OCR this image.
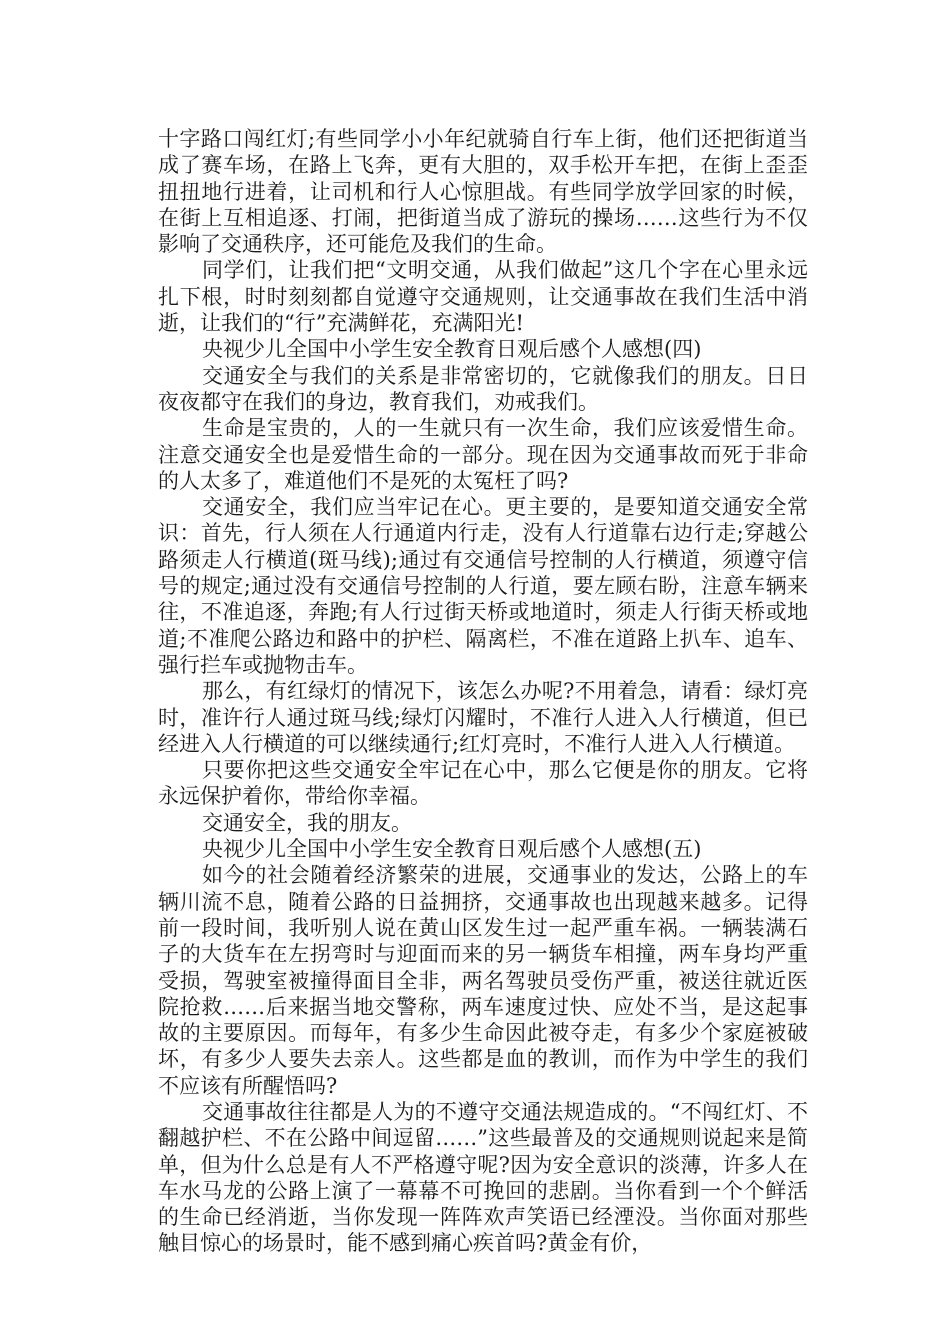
十字路口闯红灯;有些同学小小年纪就骑自行车上街，他们还把街道当成了赛车场，在路上飞奔，更有大胆的，双手松开车把，在街上歪歪扭扭地行进着，让司机和行人心惊胆战。有些同学放学回家的时候，在街上互相追逐、打闹，把街道当成了游玩的操场……这些行为不仅影响了交通秩序，还可能危及我们的生命。

同学们，让我们把“文明交通，从我们做起”这几个字在心里永远扎下根，时时刻刻都自觉遵守交通规则，让交通事故在我们生活中消逝，让我们的“行”充满鲜花，充满阳光!

央视少儿全国中小学生安全教育日观后感个人感想(四)

交通安全与我们的关系是非常密切的，它就像我们的朋友。日日夜夜都守在我们的身边，教育我们，劝戒我们。

生命是宝贵的，人的一生就只有一次生命，我们应该爱惜生命。注意交通安全也是爱惜生命的一部分。现在因为交通事故而死于非命的人太多了，难道他们不是死的太冤枉了吗?

交通安全，我们应当牢记在心。更主要的，是要知道交通安全常识：首先，行人须在人行通道内行走，没有人行道靠右边行走;穿越公路须走人行横道(斑马线);通过有交通信号控制的人行横道，须遵守信号的规定;通过没有交通信号控制的人行道，要左顾右盼，注意车辆来往，不准追逐，奔跑;有人行过街天桥或地道时，须走人行街天桥或地道;不准爬公路边和路中的护栏、隔离栏，不准在道路上扒车、追车、强行拦车或抛物击车。

那么，有红绿灯的情况下，该怎么办呢?不用着急，请看：绿灯亮时，准许行人通过斑马线;绿灯闪耀时，不准行人进入人行横道，但已经进入人行横道的可以继续通行;红灯亮时，不准行人进入人行横道。

只要你把这些交通安全牢记在心中，那么它便是你的朋友。它将永远保护着你，带给你幸福。

交通安全，我的朋友。

央视少儿全国中小学生安全教育日观后感个人感想(五)

如今的社会随着经济繁荣的进展，交通事业的发达，公路上的车辆川流不息，随着公路的日益拥挤，交通事故也出现越来越多。记得前一段时间，我听别人说在黄山区发生过一起严重车祸。一辆装满石子的大货车在左拐弯时与迎面而来的另一辆货车相撞，两车身均严重受损，驾驶室被撞得面目全非，两名驾驶员受伤严重，被送往就近医院抢救……后来据当地交警称，两车速度过快、应处不当，是这起事故的主要原因。而每年，有多少生命因此被夺走，有多少个家庭被破坏，有多少人要失去亲人。这些都是血的教训，而作为中学生的我们不应该有所醒悟吗?

交通事故往往都是人为的不遵守交通法规造成的。“不闯红灯、不翻越护栏、不在公路中间逗留……”这些最普及的交通规则说起来是简单，但为什么总是有人不严格遵守呢?因为安全意识的淡薄，许多人在车水马龙的公路上演了一幕幕不可挽回的悲剧。当你看到一个个鲜活的生命已经消逝，当你发现一阵阵欢声笑语已经湮没。当你面对那些触目惊心的场景时，能不感到痛心疾首吗?黄金有价，
